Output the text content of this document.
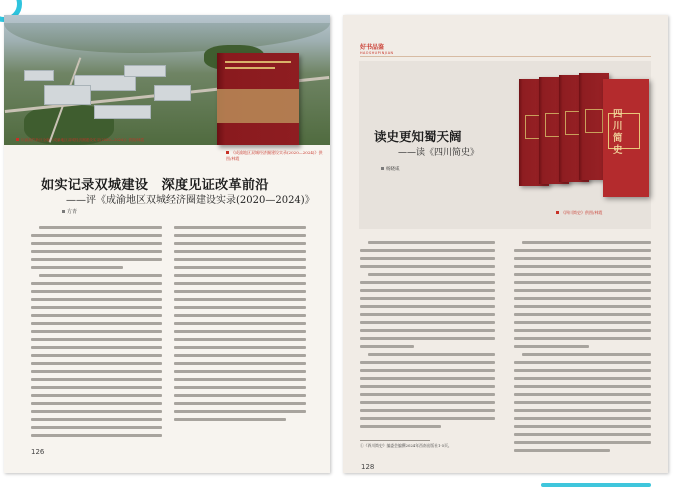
川渝高竹新区全貌《成渝地区双城经济圈建设实录(2020—2024)》供图/林霞
《成渝地区双城经济圈建设实录(2020—2024)》供图/林霞
如实记录双城建设　深度见证改革前沿
——评《成渝地区双城经济圈建设实录(2020—2024)》
方青
126
好书品鉴
HAOSHUPINJIAN
四川简史
读史更知蜀天阔
——读《四川简史》
杨晓咸
《四川简史》供图/林霞
①《四川简史》编委会编撰2024年西南出版社1-5页。
128
